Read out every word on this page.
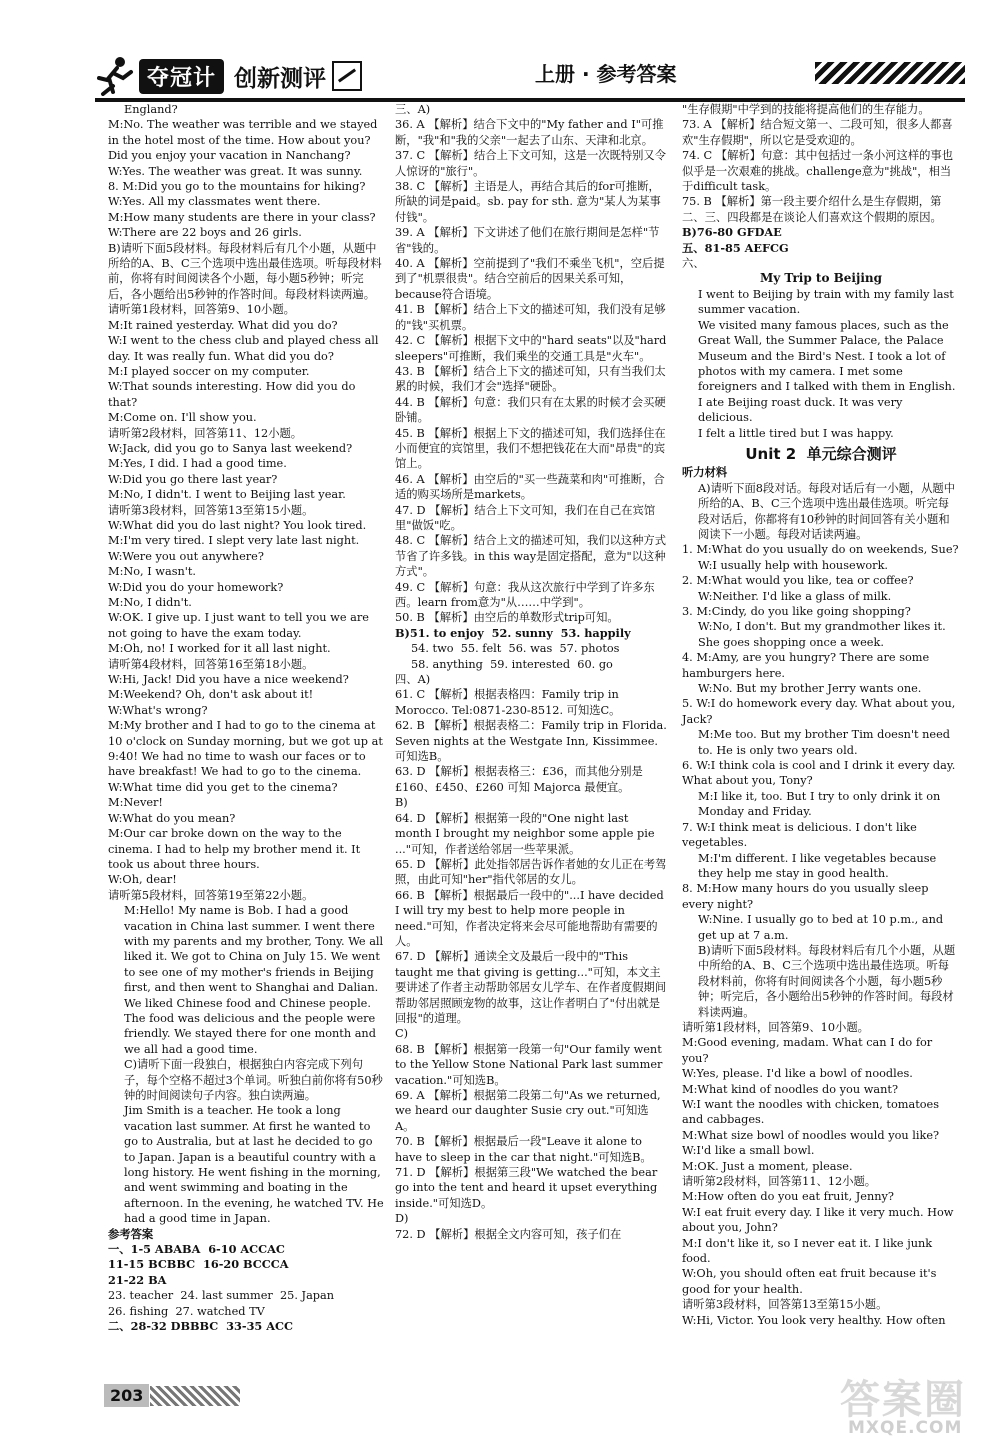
夺冠计 创新测评	上册 · 参考答案
England?
M:No. The weather was terrible and we stayed in the hotel most of the time. How about you? Did you enjoy your vacation in Nanchang?
W:Yes. The weather was great. It was sunny.
8. M:Did you go to the mountains for hiking?
W:Yes. All my classmates went there.
M:How many students are there in your class?
W:There are 22 boys and 26 girls.
B)请听下面5段材料。每段材料后有几个小题，从题中所给的A、B、C三个选项中选出最佳选项。听每段材料前，你将有时间阅读各个小题，每小题5秒钟；听完后，各小题给出5秒钟的作答时间。每段材料读两遍。
请听第1段材料，回答第9、10小题。
M:It rained yesterday. What did you do?
W:I went to the chess club and played chess all day. It was really fun. What did you do?
M:I played soccer on my computer.
W:That sounds interesting. How did you do that?
M:Come on. I'll show you.
请听第2段材料，回答第11、12小题。
W:Jack, did you go to Sanya last weekend?
M:Yes, I did. I had a good time.
W:Did you go there last year?
M:No, I didn't. I went to Beijing last year.
请听第3段材料，回答第13至第15小题。
W:What did you do last night? You look tired.
M:I'm very tired. I slept very late last night.
W:Were you out anywhere?
M:No, I wasn't.
W:Did you do your homework?
M:No, I didn't.
W:OK. I give up. I just want to tell you we are not going to have the exam today.
M:Oh, no! I worked for it all last night.
请听第4段材料，回答第16至第18小题。
W:Hi, Jack! Did you have a nice weekend?
M:Weekend? Oh, don't ask about it!
W:What's wrong?
M:My brother and I had to go to the cinema at 10 o'clock on Sunday morning, but we got up at 9:40! We had no time to wash our faces or to have breakfast! We had to go to the cinema.
W:What time did you get to the cinema?
M:Never!
W:What do you mean?
M:Our car broke down on the way to the cinema. I had to help my brother mend it. It took us about three hours.
W:Oh, dear!
请听第5段材料，回答第19至第22小题。
M:Hello! My name is Bob. I had a good vacation in China last summer. I went there with my parents and my brother, Tony. We all liked it. We got to China on July 15. We went to see one of my mother's friends in Beijing first, and then went to Shanghai and Dalian. We liked Chinese food and Chinese people. The food was delicious and the people were friendly. We stayed there for one month and we all had a good time.
C)请听下面一段独白，根据独白内容完成下列句子，每个空格不超过3个单词。听独白前你将有50秒钟的时间阅读句子内容。独白读两遍。
Jim Smith is a teacher. He took a long vacation last summer. At first he wanted to go to Australia, but at last he decided to go to Japan. Japan is a beautiful country with a long history. He went fishing in the morning, and went swimming and boating in the afternoon. In the evening, he watched TV. He had a good time in Japan.
参考答案
一、1-5 ABABA  6-10 ACCAC
11-15 BCBBC  16-20 BCCCA
21-22 BA
23. teacher  24. last summer  25. Japan
26. fishing  27. watched TV
二、28-32 DBBBC  33-35 ACC
三、A)
36. A 【解析】结合下文中的"My father and I"可推断，"我"和"我的父亲"一起去了山东、天津和北京。
37. C 【解析】结合上下文可知，这是一次既特别又令人惊讶的"旅行"。
38. C 【解析】主语是人，再结合其后的for可推断，所缺的词是paid。sb. pay for sth. 意为"某人为某事付钱"。
39. A 【解析】下文讲述了他们在旅行期间是怎样"节省"钱的。
40. A 【解析】空前提到了"我们不乘坐飞机"，空后提到了"机票很贵"。结合空前后的因果关系可知，because符合语境。
41. B 【解析】结合上下文的描述可知，我们没有足够的"钱"买机票。
42. C 【解析】根据下文中的"hard seats"以及"hard sleepers"可推断，我们乘坐的交通工具是"火车"。
43. B 【解析】结合上下文的描述可知，只有当我们太累的时候，我们才会"选择"硬卧。
44. B 【解析】句意：我们只有在太累的时候才会买硬卧铺。
45. B 【解析】根据上下文的描述可知，我们选择住在小而便宜的宾馆里，我们不想把钱花在大而"昂贵"的宾馆上。
46. A 【解析】由空后的"买一些蔬菜和肉"可推断，合适的购买场所是markets。
47. D 【解析】结合上下文可知，我们在自己在宾馆里"做饭"吃。
48. C 【解析】结合上文的描述可知，我们以这种方式节省了许多钱。in this way是固定搭配，意为"以这种方式"。
49. C 【解析】句意：我从这次旅行中学到了许多东西。learn from意为"从……中学到"。
50. B 【解析】由空后的单数形式trip可知。
B)51. to enjoy  52. sunny  53. happily
54. two  55. felt  56. was  57. photos
58. anything  59. interested  60. go
四、A)
61. C 【解析】根据表格四：Family trip in Morocco. Tel:0871-230-8512. 可知选C。
62. B 【解析】根据表格二：Family trip in Florida. Seven nights at the Westgate Inn, Kissimmee. 可知选B。
63. D 【解析】根据表格三：£36，而其他分别是£160、£450、£260 可知 Majorca 最便宜。
B)
64. D 【解析】根据第一段的"One night last month I brought my neighbor some apple pie ..."可知，作者送给邻居一些苹果派。
65. D 【解析】此处指邻居告诉作者她的女儿正在考驾照，由此可知"her"指代邻居的女儿。
66. B 【解析】根据最后一段中的"...I have decided I will try my best to help more people in need."可知，作者决定将来会尽可能地帮助有需要的人。
67. D 【解析】通读全文及最后一段中的"This taught me that giving is getting..."可知，本文主要讲述了作者主动帮助邻居女儿学车、在作者度假期间帮助邻居照顾宠物的故事，这让作者明白了"付出就是回报"的道理。
C)
68. B 【解析】根据第一段第一句"Our family went to the Yellow Stone National Park last summer vacation."可知选B。
69. A 【解析】根据第二段第二句"As we returned, we heard our daughter Susie cry out."可知选A。
70. B 【解析】根据最后一段"Leave it alone to have to sleep in the car that night."可知选B。
71. D 【解析】根据第三段"We watched the bear go into the tent and heard it upset everything inside."可知选D。
D)
72. D 【解析】根据全文内容可知，孩子们在
"生存假期"中学到的技能将提高他们的生存能力。
73. A 【解析】结合短文第一、二段可知，很多人都喜欢"生存假期"，所以它是受欢迎的。
74. C 【解析】句意：其中包括过一条小河这样的事也似乎是一次艰难的挑战。challenge意为"挑战"，相当于difficult task。
75. B 【解析】第一段主要介绍什么是生存假期，第二、三、四段都是在谈论人们喜欢这个假期的原因。
B)76-80 GFDAE
五、81-85 AEFCG
六、
My Trip to Beijing
I went to Beijing by train with my family last summer vacation.
We visited many famous places, such as the Great Wall, the Summer Palace, the Palace Museum and the Bird's Nest. I took a lot of photos with my camera. I met some foreigners and I talked with them in English. I ate Beijing roast duck. It was very delicious.
I felt a little tired but I was happy.
Unit 2  单元综合测评
听力材料
A)请听下面8段对话。每段对话后有一小题，从题中所给的A、B、C三个选项中选出最佳选项。听完每段对话后，你都将有10秒钟的时间回答有关小题和阅读下一小题。每段对话读两遍。
1. M:What do you usually do on weekends, Sue?
W:I usually help with housework.
2. M:What would you like, tea or coffee?
W:Neither. I'd like a glass of milk.
3. M:Cindy, do you like going shopping?
W:No, I don't. But my grandmother likes it. She goes shopping once a week.
4. M:Amy, are you hungry? There are some hamburgers here.
W:No. But my brother Jerry wants one.
5. W:I do homework every day. What about you, Jack?
M:Me too. But my brother Tim doesn't need to. He is only two years old.
6. W:I think cola is cool and I drink it every day. What about you, Tony?
M:I like it, too. But I try to only drink it on Monday and Friday.
7. W:I think meat is delicious. I don't like vegetables.
M:I'm different. I like vegetables because they help me stay in good health.
8. M:How many hours do you usually sleep every night?
W:Nine. I usually go to bed at 10 p.m., and get up at 7 a.m.
B)请听下面5段材料。每段材料后有几个小题，从题中所给的A、B、C三个选项中选出最佳选项。听每段材料前，你将有时间阅读各个小题，每小题5秒钟；听完后，各小题给出5秒钟的作答时间。每段材料读两遍。
请听第1段材料，回答第9、10小题。
M:Good evening, madam. What can I do for you?
W:Yes, please. I'd like a bowl of noodles.
M:What kind of noodles do you want?
W:I want the noodles with chicken, tomatoes and cabbages.
M:What size bowl of noodles would you like?
W:I'd like a small bowl.
M:OK. Just a moment, please.
请听第2段材料，回答第11、12小题。
M:How often do you eat fruit, Jenny?
W:I eat fruit every day. I like it very much. How about you, John?
M:I don't like it, so I never eat it. I like junk food.
W:Oh, you should often eat fruit because it's good for your health.
请听第3段材料，回答第13至第15小题。
W:Hi, Victor. You look very healthy. How often
203	答案圈
MXQE.COM
